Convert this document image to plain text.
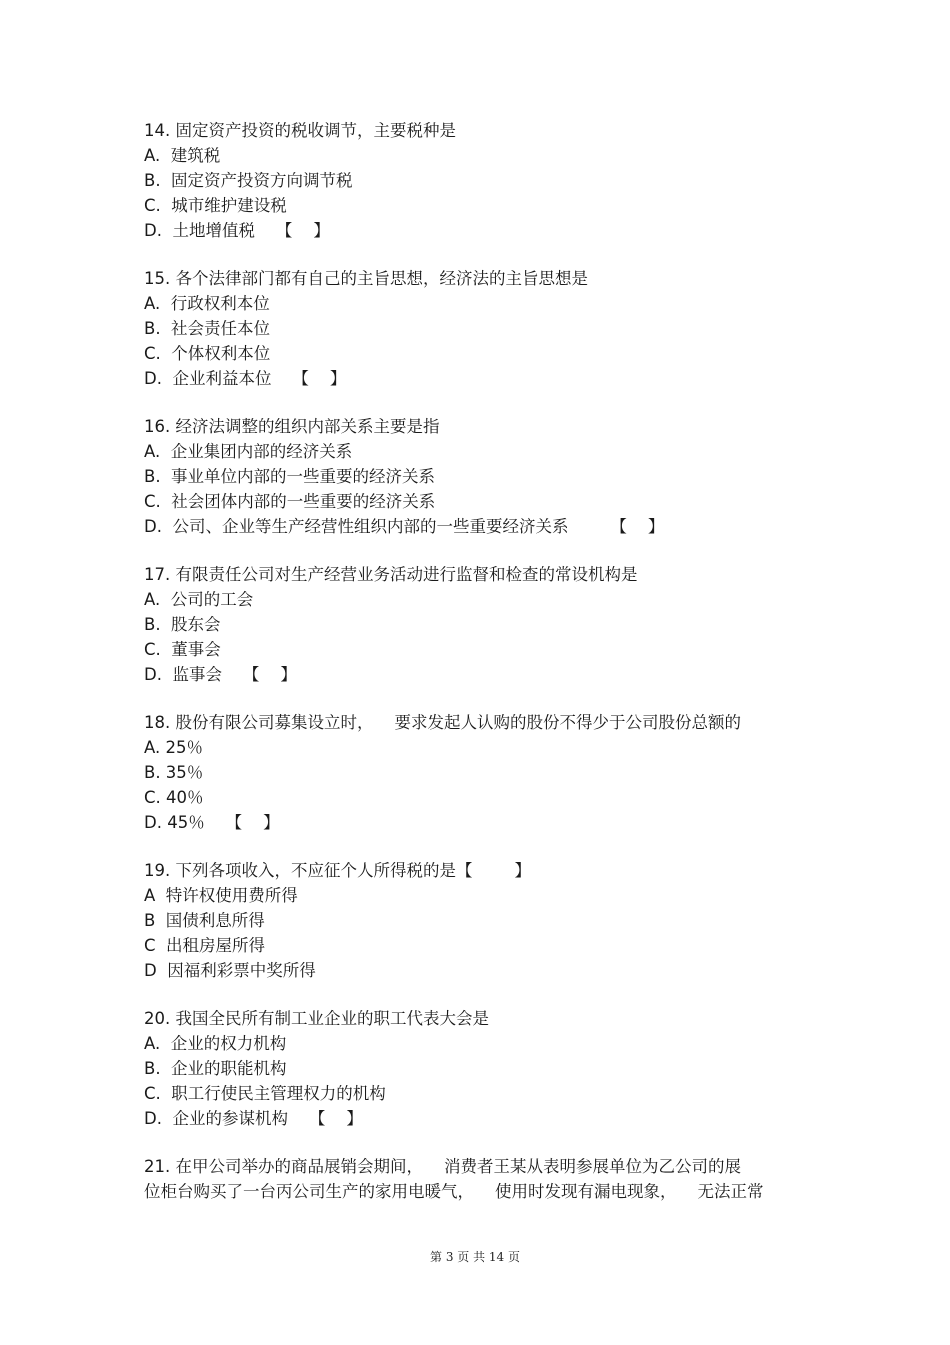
14. 固定资产投资的税收调节，主要税种是
A.  建筑税
B.  固定资产投资方向调节税
C.  城市维护建设税
D.  土地增值税    【    】
15. 各个法律部门都有自己的主旨思想，经济法的主旨思想是
A.  行政权利本位
B.  社会责任本位
C.  个体权利本位
D.  企业利益本位    【    】
16. 经济法调整的组织内部关系主要是指
A.  企业集团内部的经济关系
B.  事业单位内部的一些重要的经济关系
C.  社会团体内部的一些重要的经济关系
D.  公司、企业等生产经营性组织内部的一些重要经济关系        【    】
17. 有限责任公司对生产经营业务活动进行监督和检查的常设机构是
A.  公司的工会
B.  股东会
C.  董事会
D.  监事会    【    】
18. 股份有限公司募集设立时，    要求发起人认购的股份不得少于公司股份总额的
A. 25％
B. 35％
C. 40％
D. 45％    【    】
19. 下列各项收入，不应征个人所得税的是【        】
A  特许权使用费所得
B  国债利息所得
C  出租房屋所得
D  因福利彩票中奖所得
20. 我国全民所有制工业企业的职工代表大会是
A.  企业的权力机构
B.  企业的职能机构
C.  职工行使民主管理权力的机构
D.  企业的参谋机构    【    】
21. 在甲公司举办的商品展销会期间，    消费者王某从表明参展单位为乙公司的展
位柜台购买了一台丙公司生产的家用电暖气，    使用时发现有漏电现象，    无法正常
第 3 页 共 14 页
